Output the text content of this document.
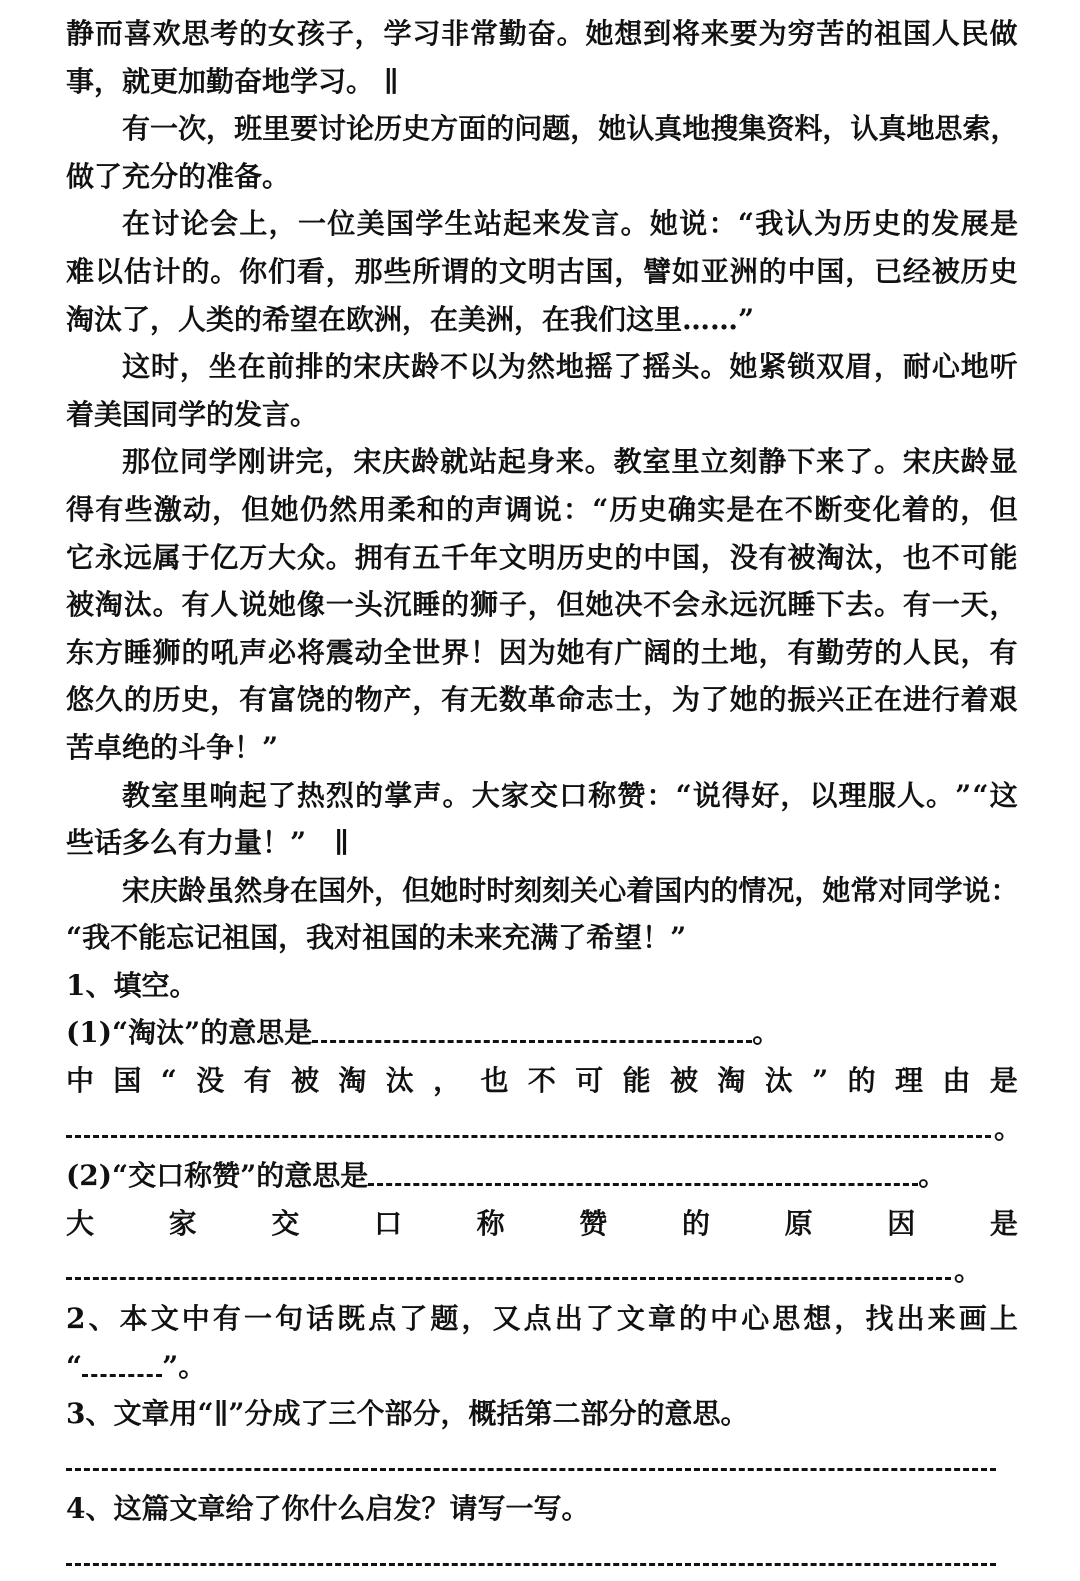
静 而 喜 欢 思 考 的 女 孩 子 ， 学 习 非 常 勤 奋 。 她 想 到 将 来 要 为 穷 苦 的 祖 国 人 民 做
事，就更加勤奋地学习。 ∥
有 一 次 ， 班 里 要 讨 论 历 史 方 面 的 问 题 ， 她 认 真 地 搜 集 资 料 ， 认 真 地 思 索 ，
做了充分的准备。
在 讨 论 会 上 ， 一 位 美 国 学 生 站 起 来 发 言 。 她 说 ： “ 我 认 为 历 史 的 发 展 是
难 以 估 计 的 。 你 们 看 ， 那 些 所 谓 的 文 明 古 国 ， 譬 如 亚 洲 的 中 国 ， 已 经 被 历 史
淘汰了，人类的希望在欧洲，在美洲，在我们这里……”
这 时 ， 坐 在 前 排 的 宋 庆 龄 不 以 为 然 地 摇 了 摇 头 。 她 紧 锁 双 眉 ， 耐 心 地 听
着美国同学的发言。
那 位 同 学 刚 讲 完 ， 宋 庆 龄 就 站 起 身 来 。 教 室 里 立 刻 静 下 来 了 。 宋 庆 龄 显
得 有 些 激 动 ， 但 她 仍 然 用 柔 和 的 声 调 说 ： “ 历 史 确 实 是 在 不 断 变 化 着 的 ， 但
它 永 远 属 于 亿 万 大 众 。 拥 有 五 千 年 文 明 历 史 的 中 国 ， 没 有 被 淘 汰 ， 也 不 可 能
被 淘 汰 。 有 人 说 她 像 一 头 沉 睡 的 狮 子 ， 但 她 决 不 会 永 远 沉 睡 下 去 。 有 一 天 ，
东 方 睡 狮 的 吼 声 必 将 震 动 全 世 界 ！ 因 为 她 有 广 阔 的 土 地 ， 有 勤 劳 的 人 民 ， 有
悠 久 的 历 史 ， 有 富 饶 的 物 产 ， 有 无 数 革 命 志 士 ， 为 了 她 的 振 兴 正 在 进 行 着 艰
苦卓绝的斗争！”
教 室 里 响 起 了 热 烈 的 掌 声 。 大 家 交 口 称 赞 ： “ 说 得 好 ， 以 理 服 人 。 ” “ 这
些话多么有力量！”　∥
宋 庆 龄 虽 然 身 在 国 外 ， 但 她 时 时 刻 刻 关 心 着 国 内 的 情 况 ， 她 常 对 同 学 说 ：
“我不能忘记祖国，我对祖国的未来充满了希望！”
1、填空。
(1)“淘汰”的意思是	。
中 国 “ 没 有 被 淘 汰 ， 也 不 可 能 被 淘 汰 ” 的 理 由 是
。
(2)“交口称赞”的意思是	。
大	家	交	口	称	赞	的	原	因	是
。
2 、 本 文 中 有 一 句 话 既 点 了 题 ， 又 点 出 了 文 章 的 中 心 思 想 ， 找 出 来 画 上
“	”。
3、文章用“∥”分成了三个部分，概括第二部分的意思。
4、这篇文章给了你什么启发？请写一写。
